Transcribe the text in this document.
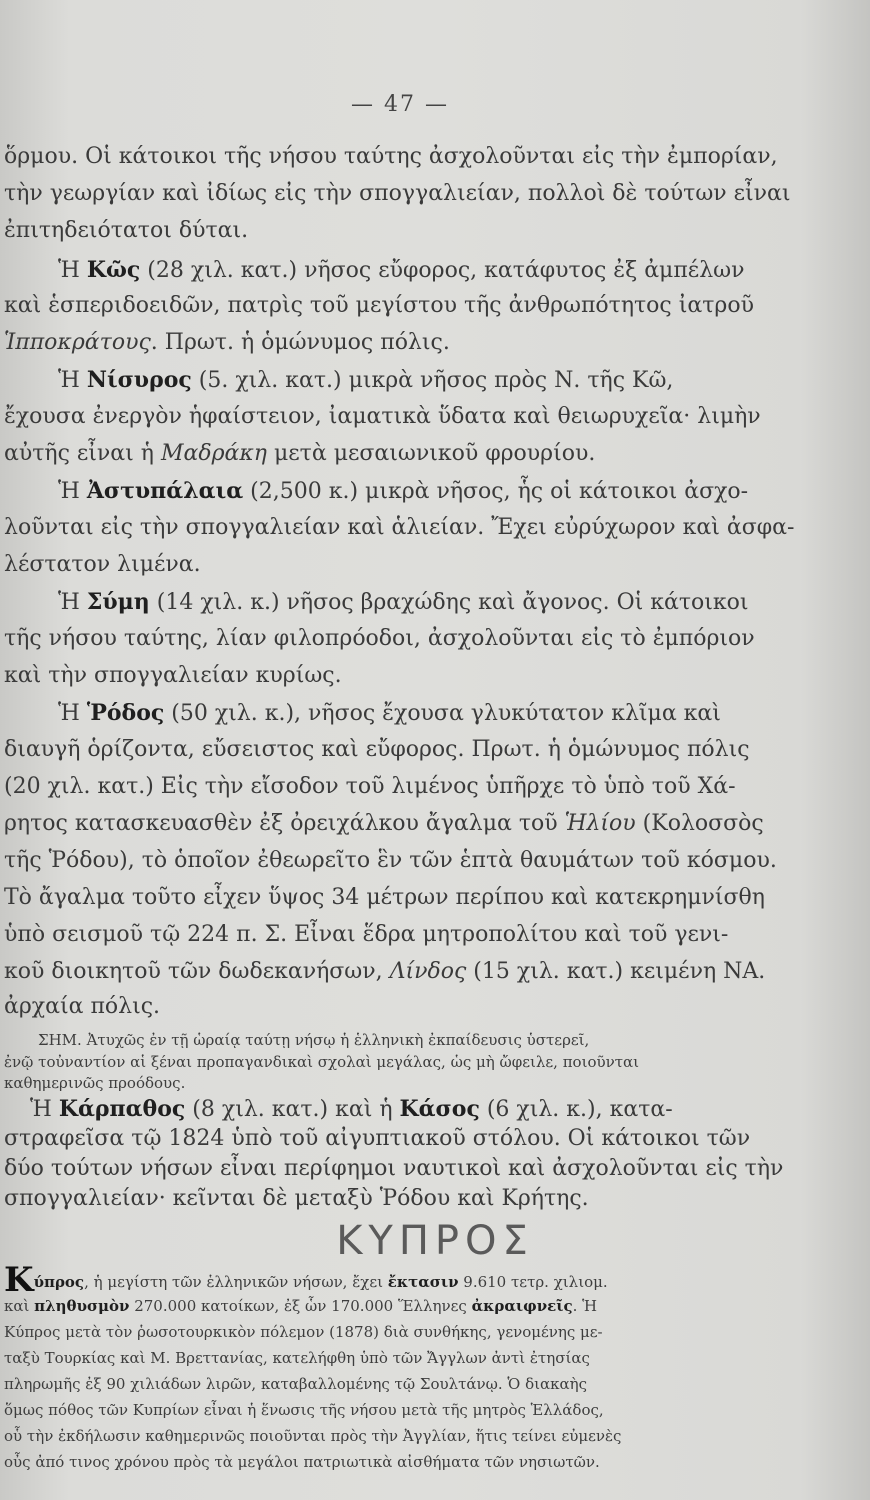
— 47 —
ὅρμου. Οἱ κάτοικοι τῆς νήσου ταύτης ἀσχολοῦνται εἰς τὴν ἐμπορίαν,
τὴν γεωργίαν καὶ ἰδίως εἰς τὴν σπογγαλιείαν, πολλοὶ δὲ τούτων εἶναι
ἐπιτηδειότατοι δύται.
Ἡ Κῶς (28 χιλ. κατ.) νῆσος εὔφορος, κατάφυτος ἐξ ἀμπέλων
καὶ ἑσπεριδοειδῶν, πατρὶς τοῦ μεγίστου τῆς ἀνθρωπότητος ἰατροῦ
Ἱπποκράτους. Πρωτ. ἡ ὁμώνυμος πόλις.
Ἡ Νίσυρος (5. χιλ. κατ.) μικρὰ νῆσος πρὸς Ν. τῆς Κῶ,
ἔχουσα ἐνεργὸν ἡφαίστειον, ἰαματικὰ ὕδατα καὶ θειωρυχεῖα· λιμὴν
αὐτῆς εἶναι ἡ Μαδράκη μετὰ μεσαιωνικοῦ φρουρίου.
Ἡ Ἀστυπάλαια (2,500 κ.) μικρὰ νῆσος, ἧς οἱ κάτοικοι ἀσχο-
λοῦνται εἰς τὴν σπογγαλιείαν καὶ ἁλιείαν. Ἔχει εὐρύχωρον καὶ ἀσφα-
λέστατον λιμένα.
Ἡ Σύμη (14 χιλ. κ.) νῆσος βραχώδης καὶ ἄγονος. Οἱ κάτοικοι
τῆς νήσου ταύτης, λίαν φιλοπρόοδοι, ἀσχολοῦνται εἰς τὸ ἐμπόριον
καὶ τὴν σπογγαλιείαν κυρίως.
Ἡ Ῥόδος (50 χιλ. κ.), νῆσος ἔχουσα γλυκύτατον κλῖμα καὶ
διαυγῆ ὁρίζοντα, εὔσειστος καὶ εὔφορος. Πρωτ. ἡ ὁμώνυμος πόλις
(20 χιλ. κατ.) Εἰς τὴν εἴσοδον τοῦ λιμένος ὑπῆρχε τὸ ὑπὸ τοῦ Χά-
ρητος κατασκευασθὲν ἐξ ὀρειχάλκου ἄγαλμα τοῦ Ἡλίου (Κολοσσὸς
τῆς Ῥόδου), τὸ ὁποῖον ἐθεωρεῖτο ἓν τῶν ἑπτὰ θαυμάτων τοῦ κόσμου.
Τὸ ἄγαλμα τοῦτο εἶχεν ὕψος 34 μέτρων περίπου καὶ κατεκρημνίσθη
ὑπὸ σεισμοῦ τῷ 224 π. Σ. Εἶναι ἕδρα μητροπολίτου καὶ τοῦ γενι-
κοῦ διοικητοῦ τῶν δωδεκανήσων, Λίνδος (15 χιλ. κατ.) κειμένη ΝΑ.
ἀρχαία πόλις.
ΣΗΜ. Ἀτυχῶς ἐν τῇ ὡραίᾳ ταύτῃ νήσῳ ἡ ἑλληνικὴ ἐκπαίδευσις ὑστερεῖ,
ἐνῷ τοὐναντίον αἱ ξέναι προπαγανδικαὶ σχολαὶ μεγάλας, ὡς μὴ ὤφειλε, ποιοῦνται
καθημερινῶς προόδους.
Ἡ Κάρπαθος (8 χιλ. κατ.) καὶ ἡ Κάσος (6 χιλ. κ.), κατα-
στραφεῖσα τῷ 1824 ὑπὸ τοῦ αἰγυπτιακοῦ στόλου. Οἱ κάτοικοι τῶν
ΚΥΠΡΟΣ
Κύπρος, ἡ μεγίστη τῶν ἑλληνικῶν νήσων, ἔχει ἔκτασιν 9.610 τετρ. χιλιομ.
καὶ πληθυσμὸν 270.000 κατοίκων, ἐξ ὧν 170.000 Ἕλληνες ἀκραιφνεῖς. Ἡ
Κύπρος μετὰ τὸν ῥωσοτουρκικὸν πόλεμον (1878) διὰ συνθήκης, γενομένης με-
ταξὺ Τουρκίας καὶ Μ. Βρεττανίας, κατελήφθη ὑπὸ τῶν Ἄγγλων ἀντὶ ἐτησίας
πληρωμῆς ἐξ 90 χιλιάδων λιρῶν, καταβαλλομένης τῷ Σουλτάνῳ. Ὁ διακαὴς
ὅμως πόθος τῶν Κυπρίων εἶναι ἡ ἕνωσις τῆς νήσου μετὰ τῆς μητρὸς Ἑλλάδος,
οὗ τὴν ἐκδήλωσιν καθημερινῶς ποιοῦνται πρὸς τὴν Ἀγγλίαν, ἥτις τείνει εὐμενὲς
οὖς ἀπό τινος χρόνου πρὸς τὰ μεγάλοι πατριωτικὰ αἰσθήματα τῶν νησιωτῶν.
δύο τούτων νήσων εἶναι περίφημοι ναυτικοὶ καὶ ἀσχολοῦνται εἰς τὴν
σπογγαλιείαν· κεῖνται δὲ μεταξὺ Ῥόδου καὶ Κρήτης.
